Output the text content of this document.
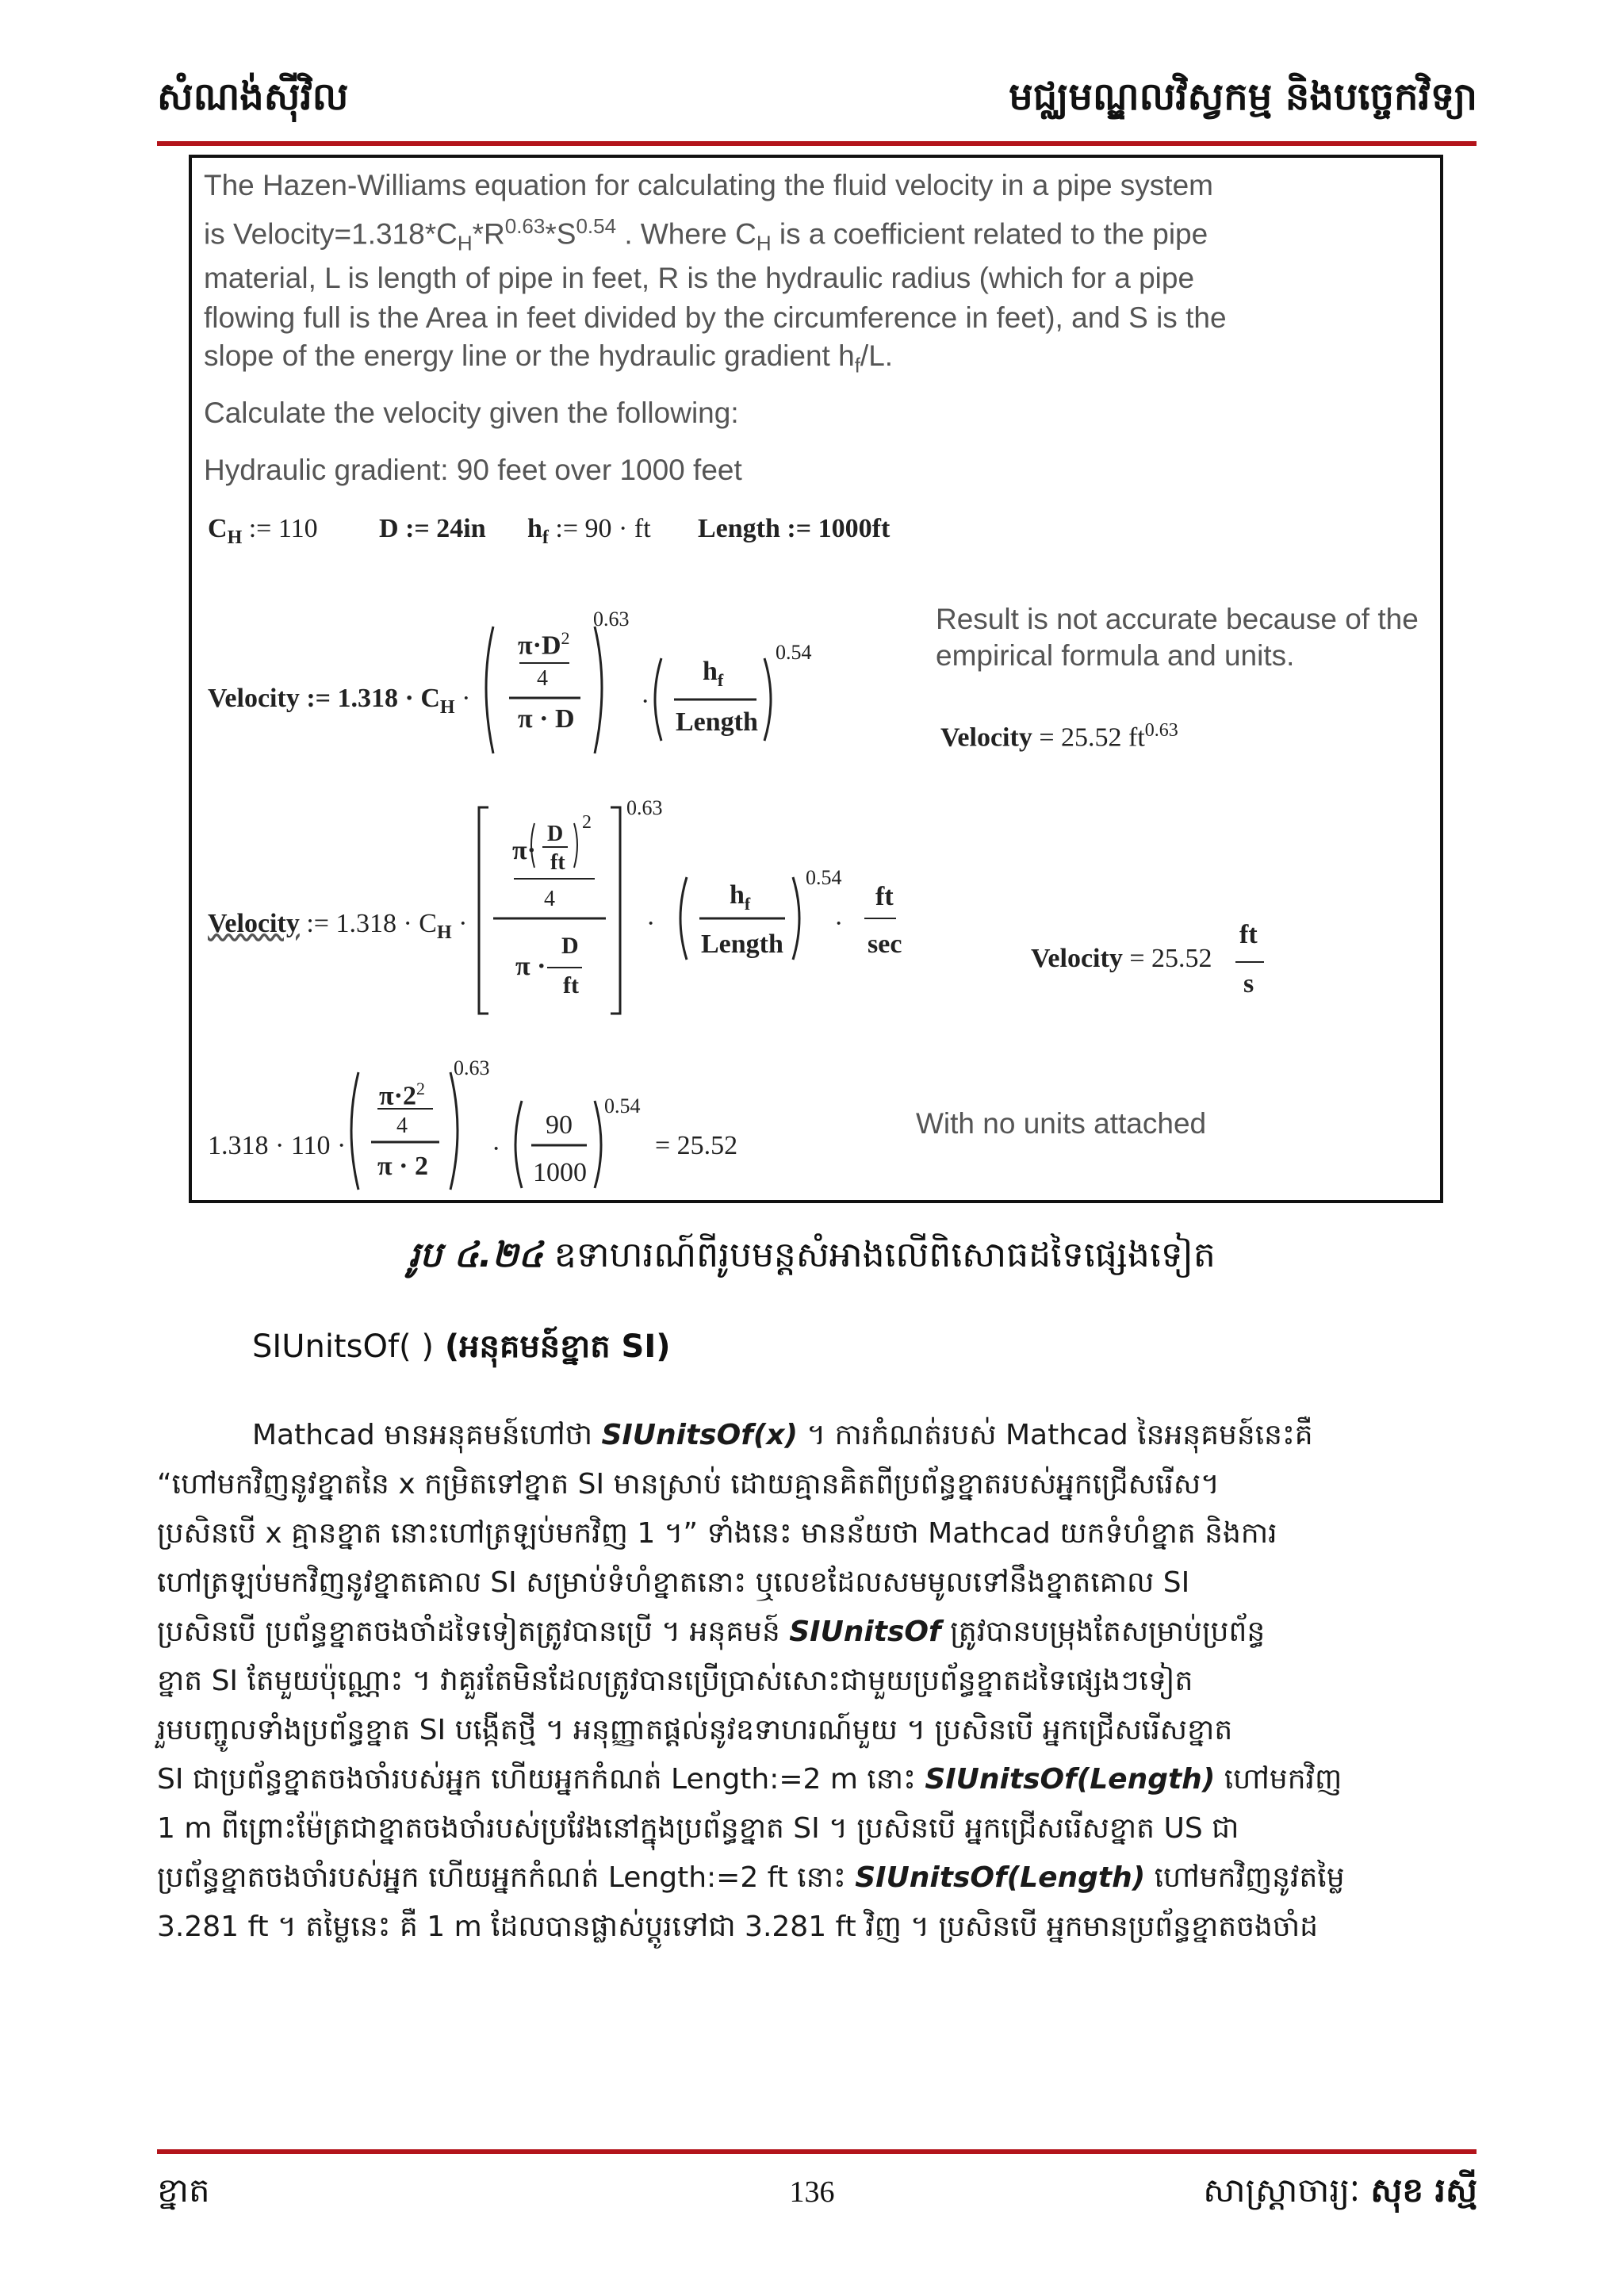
សំណង់ស៊ីវិល	មជ្ឈមណ្ឌលវិស្វកម្ម និងបច្ចេកវិទ្យា
The Hazen-Williams equation for calculating the fluid velocity in a pipe system
is $Velocity=1.318*C_H*R^{0.63}*S^{0.54}$ . Where $C_H$ is a coefficient related to the pipe
material, L is length of pipe in feet, R is the hydraulic radius (which for a pipe
flowing full is the Area in feet divided by the circumference in feet), and S is the
slope of the energy line or the hydraulic gradient $h_f/L$.
Calculate the velocity given the following:
Hydraulic gradient: 90 feet over 1000 feet
$C_H$ := 110 D := 24in $h_f$ := 90 · ft Length := 1000ft
Result is not accurate because of the
empirical formula and units.
Velocity := $1.318 \cdot C_H$ ·
$\pi\cdot D^2$
4
π · D
0.63
·
$h_f$
Length
0.54
Velocity = 25.52 $ft^{0.63}$
Velocity := $1.318 \cdot C_H$ ·
π·
D
ft
2
4
π ·
D
ft
0.63
·
$h_f$
Length
0.54
·
ft
sec	Velocity = 25.52
ft
s
1.318 · 110 ·
$\pi\cdot 2^2$
4
π · 2
0.63
·
90
1000
0.54
= 25.52
With no units attached
រូប ៤.២៤ ឧទាហរណ៍ពីរូបមន្តសំអាងលើពិសោធដទៃផ្សេងទៀត
SIUnitsOf( ) (អនុគមន៍ខ្នាត SI)
Mathcad មានអនុគមន៍ហៅថា SIUnitsOf(x) ។ ការកំណត់របស់ Mathcad នៃអនុគមន៍នេះគឺ
“ហៅមកវិញនូវខ្នាតនៃ x កម្រិតទៅខ្នាត SI មានស្រាប់ ដោយគ្មានគិតពីប្រព័ន្ធខ្នាតរបស់អ្នកជ្រើសរើស។
ប្រសិនបើ x គ្មានខ្នាត នោះហៅត្រឡប់មកវិញ 1 ។” ទាំងនេះ មានន័យថា Mathcad យកទំហំខ្នាត និងការ
ហៅត្រឡប់មកវិញនូវខ្នាតគោល SI សម្រាប់ទំហំខ្នាតនោះ ឬលេខដែលសមមូលទៅនឹងខ្នាតគោល SI
ប្រសិនបើ ប្រព័ន្ធខ្នាតចងចាំដទៃទៀតត្រូវបានប្រើ ។ អនុគមន៍ SIUnitsOf ត្រូវបានបម្រុងតែសម្រាប់ប្រព័ន្ធ
ខ្នាត SI តែមួយប៉ុណ្ណោះ ។ វាគួរតែមិនដែលត្រូវបានប្រើប្រាស់សោះជាមួយប្រព័ន្ធខ្នាតដទៃផ្សេងៗទៀត
រួមបញ្ចូលទាំងប្រព័ន្ធខ្នាត SI បង្កើតថ្មី ។ អនុញ្ញាតផ្តល់នូវឧទាហរណ៍មួយ ។ ប្រសិនបើ អ្នកជ្រើសរើសខ្នាត
SI ជាប្រព័ន្ធខ្នាតចងចាំរបស់អ្នក ហើយអ្នកកំណត់ Length:=2 m នោះ SIUnitsOf(Length) ហៅមកវិញ
1 m ពីព្រោះម៉ែត្រជាខ្នាតចងចាំរបស់ប្រវែងនៅក្នុងប្រព័ន្ធខ្នាត SI ។ ប្រសិនបើ អ្នកជ្រើសរើសខ្នាត US ជា
ប្រព័ន្ធខ្នាតចងចាំរបស់អ្នក ហើយអ្នកកំណត់ Length:=2 ft នោះ SIUnitsOf(Length) ហៅមកវិញនូវតម្លៃ
3.281 ft ។ តម្លៃនេះ គឺ 1 m ដែលបានផ្លាស់ប្តូរទៅជា 3.281 ft វិញ ។ ប្រសិនបើ អ្នកមានប្រព័ន្ធខ្នាតចងចាំដ
ខ្នាត	136	សាស្ត្រាចារ្យៈ សុខ រស្មី
